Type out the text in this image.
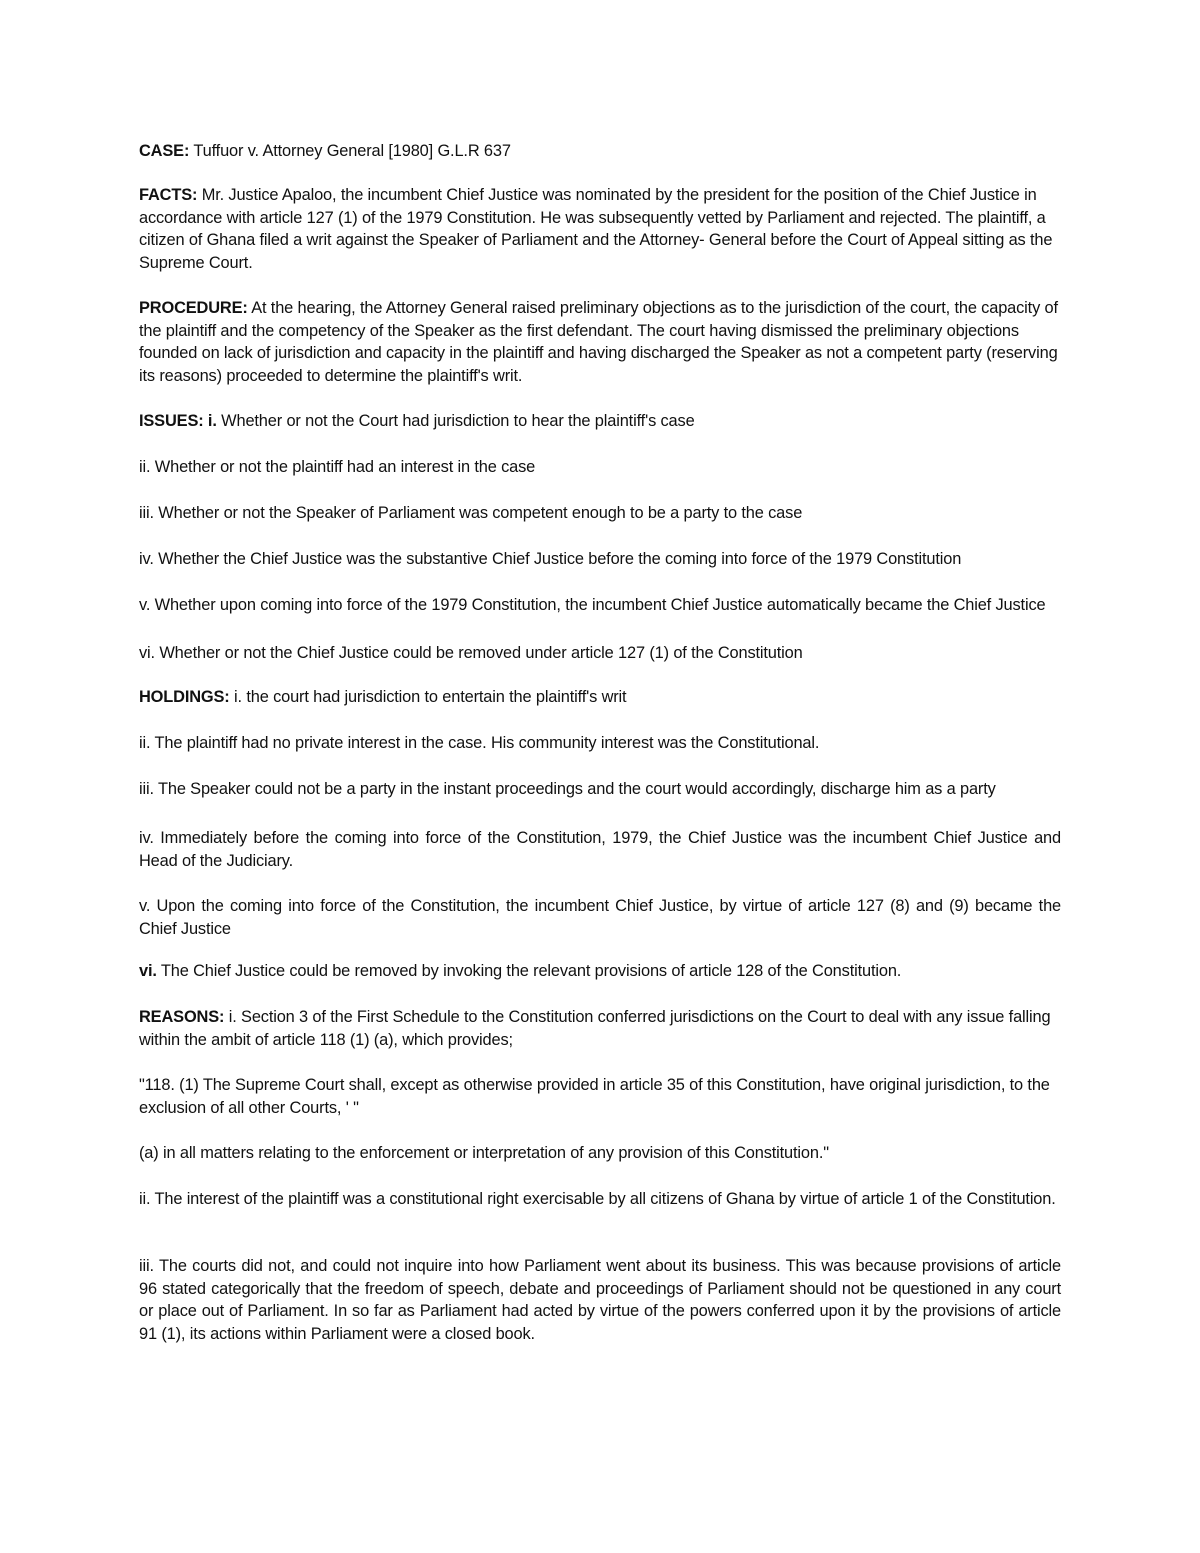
CASE: Tuffuor v. Attorney General [1980] G.L.R 637

FACTS: Mr. Justice Apaloo, the incumbent Chief Justice was nominated by the president for the position of the Chief Justice in accordance with article 127 (1) of the 1979 Constitution. He was subsequently vetted by Parliament and rejected. The plaintiff, a citizen of Ghana filed a writ against the Speaker of Parliament and the Attorney- General before the Court of Appeal sitting as the Supreme Court.

PROCEDURE: At the hearing, the Attorney General raised preliminary objections as to the jurisdiction of the court, the capacity of the plaintiff and the competency of the Speaker as the first defendant. The court having dismissed the preliminary objections founded on lack of jurisdiction and capacity in the plaintiff and having discharged the Speaker as not a competent party (reserving its reasons) proceeded to determine the plaintiff's writ.

ISSUES: i. Whether or not the Court had jurisdiction to hear the plaintiff's case

ii. Whether or not the plaintiff had an interest in the case

iii. Whether or not the Speaker of Parliament was competent enough to be a party to the case

iv. Whether the Chief Justice was the substantive Chief Justice before the coming into force of the 1979 Constitution

v. Whether upon coming into force of the 1979 Constitution, the incumbent Chief Justice automatically became the Chief Justice

vi. Whether or not the Chief Justice could be removed under article 127 (1) of the Constitution

HOLDINGS: i. the court had jurisdiction to entertain the plaintiff's writ

ii. The plaintiff had no private interest in the case. His community interest was the Constitutional.

iii. The Speaker could not be a party in the instant proceedings and the court would accordingly, discharge him as a party

iv. Immediately before the coming into force of the Constitution, 1979, the Chief Justice was the incumbent Chief Justice and Head of the Judiciary.

v. Upon the coming into force of the Constitution, the incumbent Chief Justice, by virtue of article 127 (8) and (9) became the Chief Justice

vi. The Chief Justice could be removed by invoking the relevant provisions of article 128 of the Constitution.

REASONS: i. Section 3 of the First Schedule to the Constitution conferred jurisdictions on the Court to deal with any issue falling within the ambit of article 118 (1) (a), which provides;

"118. (1) The Supreme Court shall, except as otherwise provided in article 35 of this Constitution, have original jurisdiction, to the exclusion of all other Courts, ' "

(a) in all matters relating to the enforcement or interpretation of any provision of this Constitution."

ii. The interest of the plaintiff was a constitutional right exercisable by all citizens of Ghana by virtue of article 1 of the Constitution.

iii. The courts did not, and could not inquire into how Parliament went about its business. This was because provisions of article 96 stated categorically that the freedom of speech, debate and proceedings of Parliament should not be questioned in any court or place out of Parliament. In so far as Parliament had acted by virtue of the powers conferred upon it by the provisions of article 91 (1), its actions within Parliament were a closed book.
